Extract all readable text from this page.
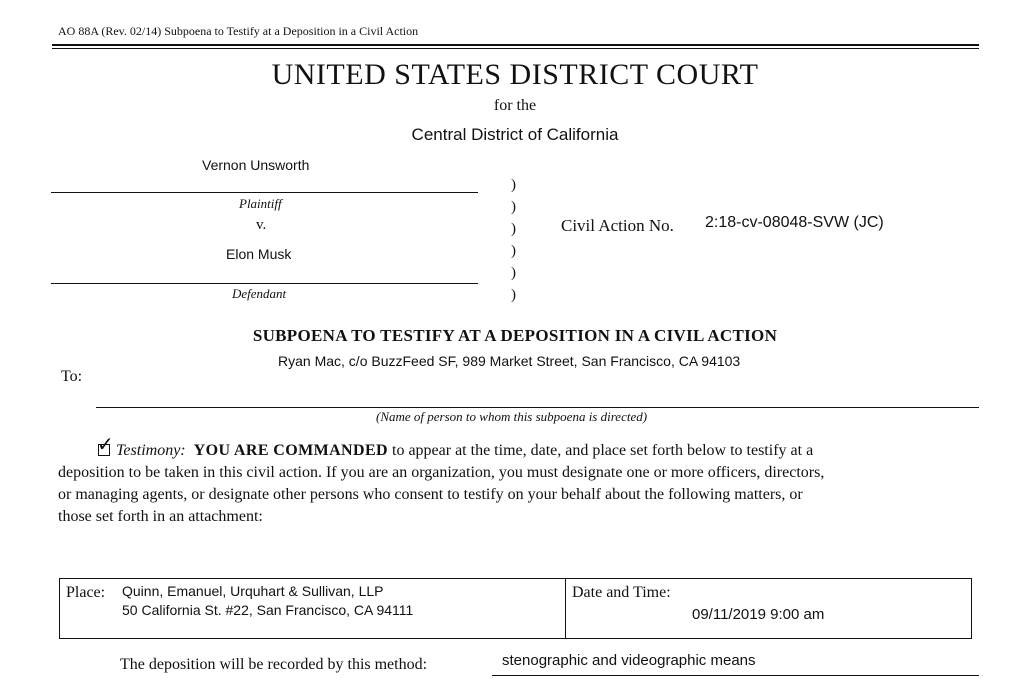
AO 88A (Rev. 02/14) Subpoena to Testify at a Deposition in a Civil Action
UNITED STATES DISTRICT COURT
for the
Central District of California
Vernon Unsworth
Plaintiff
v.
Elon Musk
Defendant
)
)
)
)
)
)
Civil Action No. 2:18-cv-08048-SVW (JC)
SUBPOENA TO TESTIFY AT A DEPOSITION IN A CIVIL ACTION
Ryan Mac, c/o BuzzFeed SF, 989 Market Street, San Francisco, CA 94103
To:
(Name of person to whom this subpoena is directed)
✓ Testimony: YOU ARE COMMANDED to appear at the time, date, and place set forth below to testify at a
deposition to be taken in this civil action. If you are an organization, you must designate one or more officers, directors,
or managing agents, or designate other persons who consent to testify on your behalf about the following matters, or
those set forth in an attachment:
Place: Quinn, Emanuel, Urquhart & Sullivan, LLP
50 California St. #22, San Francisco, CA 94111
Date and Time:
09/11/2019 9:00 am
The deposition will be recorded by this method:	stenographic and videographic means
